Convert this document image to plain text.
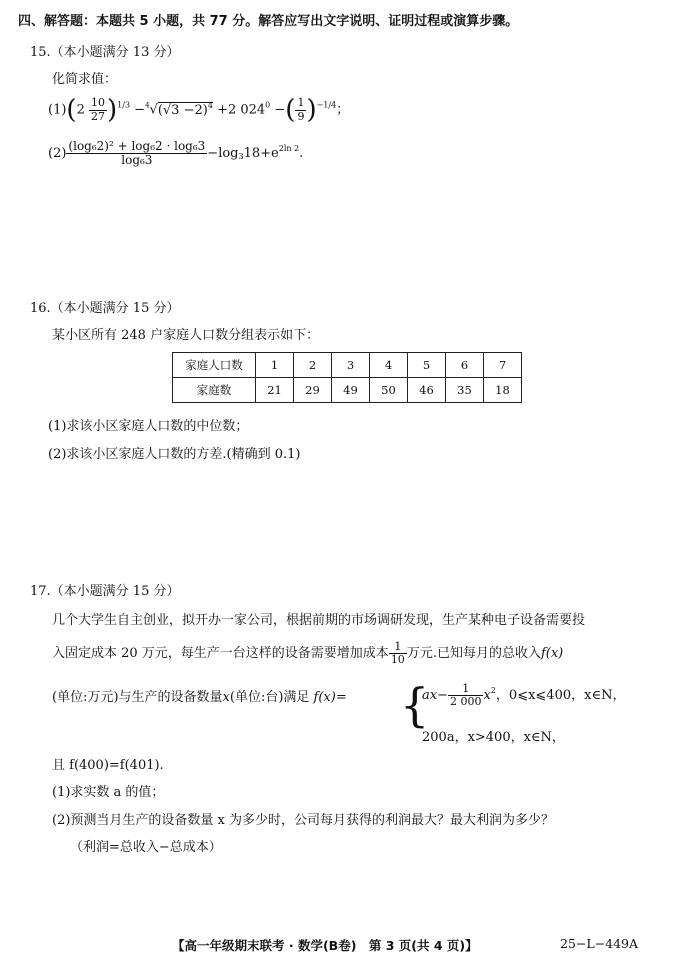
四、解答题：本题共 5 小题，共 77 分。解答应写出文字说明、证明过程或演算步骤。
15.（本小题满分 13 分）
化简求值：
$(1)(2 \frac{10}{27} )^{1/3} -^4√(√3 -2)^4 +2$ $024^0$ −( $\frac{1}{9} )^{-1/4}$；
$(2) \frac{\text{(log₆2)² + log₆2 · log₆3}}{\text{log₆3}} -\log_318+e^{2ln 2}$.
16.（本小题满分 15 分）
某小区所有 248 户家庭人口数分组表示如下：
家庭人口数	1	2	3	4	5	6	7
家庭数	21	29	49	50	46	35	18
(1)求该小区家庭人口数的中位数；
(2)求该小区家庭人口数的方差.(精确到 0.1)
17.（本小题满分 15 分）
几个大学生自主创业，拟开办一家公司，根据前期的市场调研发现，生产某种电子设备需要投
入固定成本 20 万元，每生产一台这样的设备需要增加成本 $\frac{1}{10}$ 万元.已知每月的总收入f(x)
(单位:万元)与生产的设备数量x(单位:台)满足 f(x)= {
$ax- \frac{1}{2 000} x^2$，0⩽x⩽400，x∈N，
200a，x>400，x∈N，
且 f(400)=f(401).
(1)求实数 a 的值；
(2)预测当月生产的设备数量 x 为多少时，公司每月获得的利润最大？最大利润为多少？
（利润=总收入−总成本）
【高一年级期末联考 · 数学(B卷)　第 3 页(共 4 页)】	25−L−449A
